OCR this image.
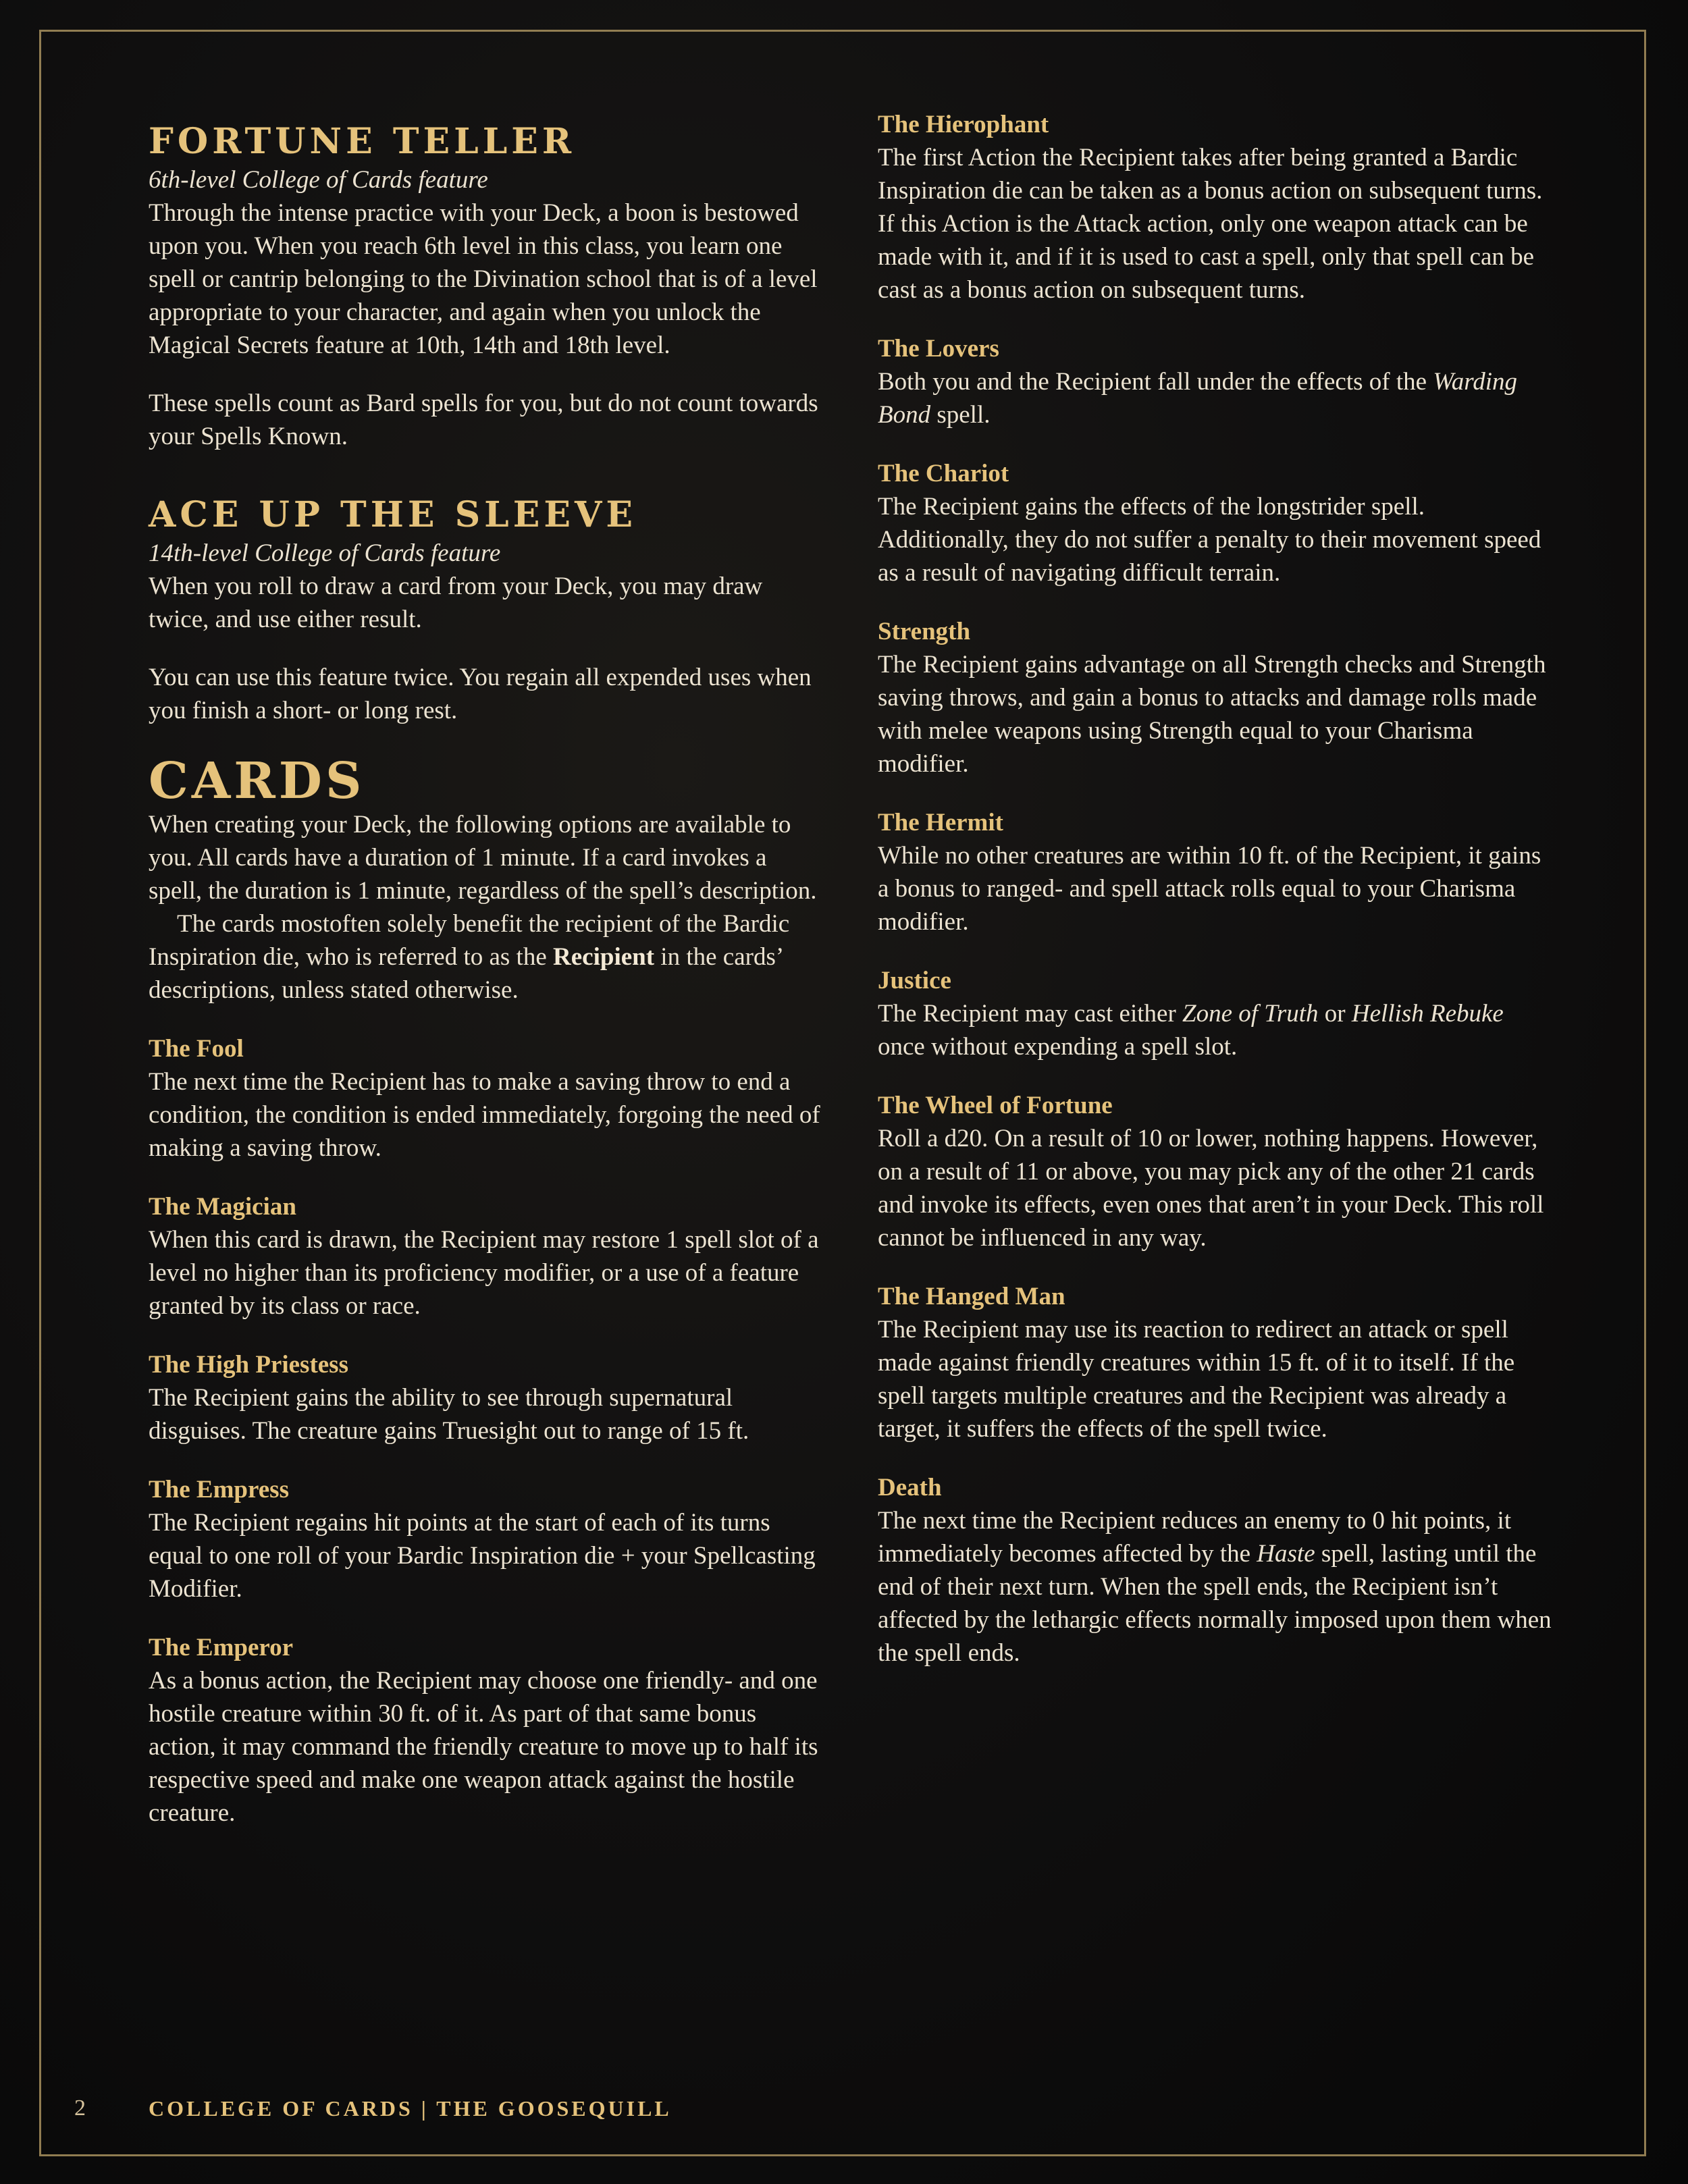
FORTUNE TELLER
6th-level College of Cards feature

Through the intense practice with your Deck, a boon is bestowed upon you. When you reach 6th level in this class, you learn one spell or cantrip belonging to the Divination school that is of a level appropriate to your character, and again when you unlock the Magical Secrets feature at 10th, 14th and 18th level.

These spells count as Bard spells for you, but do not count towards your Spells Known.

ACE UP THE SLEEVE
14th-level College of Cards feature

When you roll to draw a card from your Deck, you may draw twice, and use either result.

You can use this feature twice. You regain all expended uses when you finish a short- or long rest.

CARDS

When creating your Deck, the following options are available to you. All cards have a duration of 1 minute. If a card invokes a spell, the duration is 1 minute, regardless of the spell’s description.

The cards mostoften solely benefit the recipient of the Bardic Inspiration die, who is referred to as the Recipient in the cards’ descriptions, unless stated otherwise.

The Fool

The next time the Recipient has to make a saving throw to end a condition, the condition is ended immediately, forgoing the need of making a saving throw.

The Magician

When this card is drawn, the Recipient may restore 1 spell slot of a level no higher than its proficiency modifier, or a use of a feature granted by its class or race.

The High Priestess

The Recipient gains the ability to see through supernatural disguises. The creature gains Truesight out to range of 15 ft.

The Empress

The Recipient regains hit points at the start of each of its turns equal to one roll of your Bardic Inspiration die + your Spellcasting Modifier.

The Emperor

As a bonus action, the Recipient may choose one friendly- and one hostile creature within 30 ft. of it. As part of that same bonus action, it may command the friendly creature to move up to half its respective speed and make one weapon attack against the hostile creature.

The Hierophant

The first Action the Recipient takes after being granted a Bardic Inspiration die can be taken as a bonus action on subsequent turns. If this Action is the Attack action, only one weapon attack can be made with it, and if it is used to cast a spell, only that spell can be cast as a bonus action on subsequent turns.

The Lovers

Both you and the Recipient fall under the effects of the Warding Bond spell.

The Chariot

The Recipient gains the effects of the longstrider spell. Additionally, they do not suffer a penalty to their movement speed as a result of navigating difficult terrain.

Strength

The Recipient gains advantage on all Strength checks and Strength saving throws, and gain a bonus to attacks and damage rolls made with melee weapons using Strength equal to your Charisma modifier.

The Hermit

While no other creatures are within 10 ft. of the Recipient, it gains a bonus to ranged- and spell attack rolls equal to your Charisma modifier.

Justice

The Recipient may cast either Zone of Truth or Hellish Rebuke once without expending a spell slot.

The Wheel of Fortune

Roll a d20. On a result of 10 or lower, nothing happens. However, on a result of 11 or above, you may pick any of the other 21 cards and invoke its effects, even ones that aren’t in your Deck. This roll cannot be influenced in any way.

The Hanged Man

The Recipient may use its reaction to redirect an attack or spell made against friendly creatures within 15 ft. of it to itself. If the spell targets multiple creatures and the Recipient was already a target, it suffers the effects of the spell twice.

Death

The next time the Recipient reduces an enemy to 0 hit points, it immediately becomes affected by the Haste spell, lasting until the end of their next turn. When the spell ends, the Recipient isn’t affected by the lethargic effects normally imposed upon them when the spell ends.

2	COLLEGE OF CARDS | THE GOOSEQUILL
